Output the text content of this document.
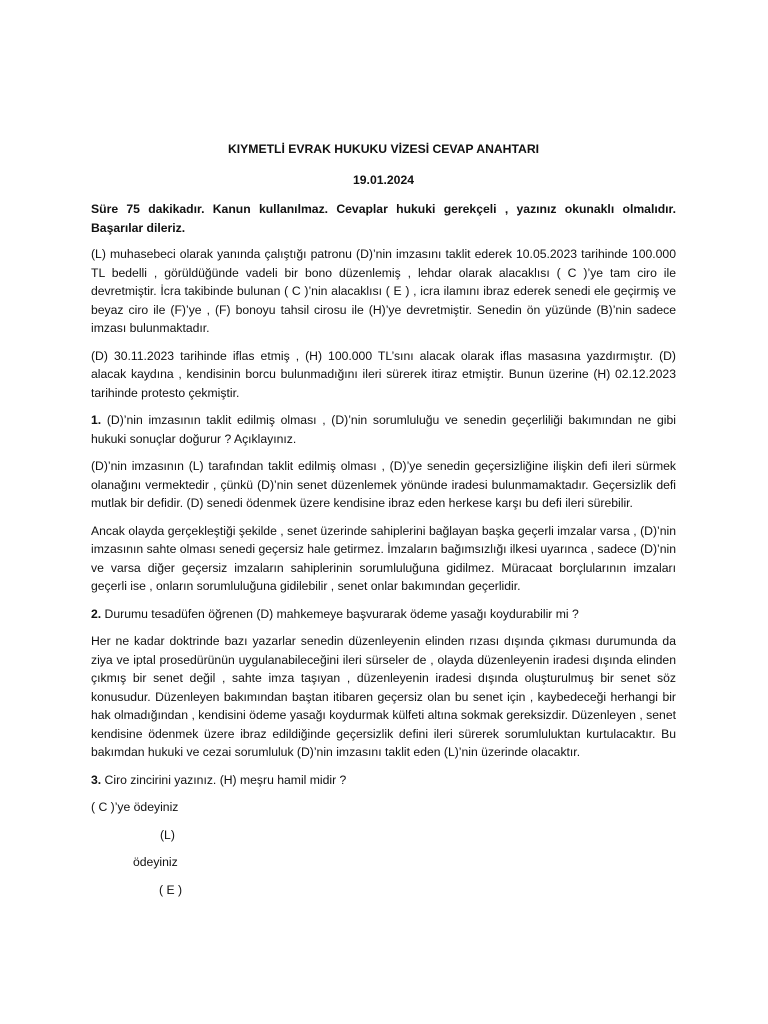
KIYMETLİ EVRAK HUKUKU VİZESİ CEVAP ANAHTARI
19.01.2024

Süre 75 dakikadır. Kanun kullanılmaz. Cevaplar hukuki gerekçeli , yazınız okunaklı olmalıdır. Başarılar dileriz.

(L) muhasebeci olarak yanında çalıştığı patronu (D)’nin imzasını taklit ederek 10.05.2023 tarihinde 100.000 TL bedelli , görüldüğünde vadeli bir bono düzenlemiş , lehdar olarak alacaklısı ( C )’ye tam ciro ile devretmiştir. İcra takibinde bulunan ( C )’nin alacaklısı ( E ) , icra ilamını ibraz ederek senedi ele geçirmiş ve beyaz ciro ile (F)’ye , (F) bonoyu tahsil cirosu ile (H)’ye devretmiştir. Senedin ön yüzünde (B)’nin sadece imzası bulunmaktadır.

(D) 30.11.2023 tarihinde iflas etmiş , (H) 100.000 TL’sını alacak olarak iflas masasına yazdırmıştır. (D) alacak kaydına , kendisinin borcu bulunmadığını ileri sürerek itiraz etmiştir. Bunun üzerine (H) 02.12.2023 tarihinde protesto çekmiştir.

1. (D)’nin imzasının taklit edilmiş olması , (D)’nin sorumluluğu ve senedin geçerliliği bakımından ne gibi hukuki sonuçlar doğurur ? Açıklayınız.

(D)’nin imzasının (L) tarafından taklit edilmiş olması , (D)’ye senedin geçersizliğine ilişkin defi ileri sürmek olanağını vermektedir , çünkü (D)’nin senet düzenlemek yönünde iradesi bulunmamaktadır. Geçersizlik defi mutlak bir defidir. (D) senedi ödenmek üzere kendisine ibraz eden herkese karşı bu defi ileri sürebilir.

Ancak olayda gerçekleştiği şekilde , senet üzerinde sahiplerini bağlayan başka geçerli imzalar varsa , (D)’nin imzasının sahte olması senedi geçersiz hale getirmez. İmzaların bağımsızlığı ilkesi uyarınca , sadece (D)’nin ve varsa diğer geçersiz imzaların sahiplerinin sorumluluğuna gidilmez. Müracaat borçlularının imzaları geçerli ise , onların sorumluluğuna gidilebilir , senet onlar bakımından geçerlidir.

2. Durumu tesadüfen öğrenen (D) mahkemeye başvurarak ödeme yasağı koydurabilir mi ?

Her ne kadar doktrinde bazı yazarlar senedin düzenleyenin elinden rızası dışında çıkması durumunda da ziya ve iptal prosedürünün uygulanabileceğini ileri sürseler de , olayda düzenleyenin iradesi dışında elinden çıkmış bir senet değil , sahte imza taşıyan , düzenleyenin iradesi dışında oluşturulmuş bir senet söz konusudur. Düzenleyen bakımından baştan itibaren geçersiz olan bu senet için , kaybedeceği herhangi bir hak olmadığından , kendisini ödeme yasağı koydurmak külfeti altına sokmak gereksizdir. Düzenleyen , senet kendisine ödenmek üzere ibraz edildiğinde geçersizlik defini ileri sürerek sorumluluktan kurtulacaktır. Bu bakımdan hukuki ve cezai sorumluluk (D)’nin imzasını taklit eden (L)’nin üzerinde olacaktır.

3. Ciro zincirini yazınız. (H) meşru hamil midir ?

( C )’ye ödeyiniz
(L)
ödeyiniz
( E )
